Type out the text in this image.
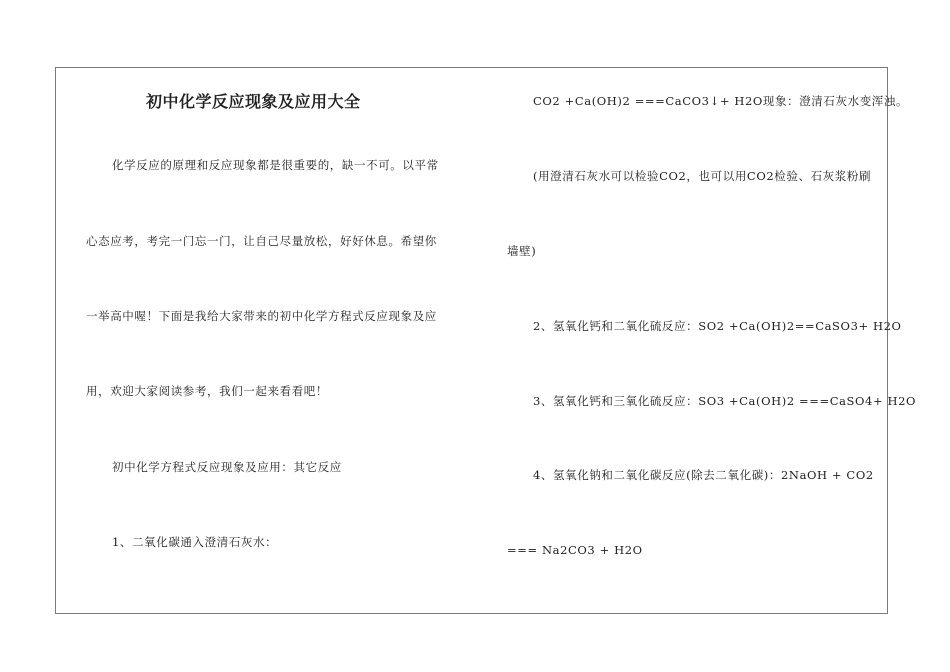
初中化学反应现象及应用大全
化学反应的原理和反应现象都是很重要的，缺一不可。以平常
心态应考，考完一门忘一门，让自己尽量放松，好好休息。希望你
一举高中喔！下面是我给大家带来的初中化学方程式反应现象及应
用，欢迎大家阅读参考，我们一起来看看吧！
初中化学方程式反应现象及应用：其它反应
1、二氧化碳通入澄清石灰水：
CO2 +Ca(OH)2 ===CaCO3↓+ H2O现象：澄清石灰水变浑浊。
(用澄清石灰水可以检验CO2，也可以用CO2检验、石灰浆粉刷
墙壁)
2、氢氧化钙和二氧化硫反应：SO2 +Ca(OH)2==CaSO3+ H2O
3、氢氧化钙和三氧化硫反应：SO3 +Ca(OH)2 ===CaSO4+ H2O
4、氢氧化钠和二氧化碳反应(除去二氧化碳)：2NaOH + CO2
=== Na2CO3 + H2O
